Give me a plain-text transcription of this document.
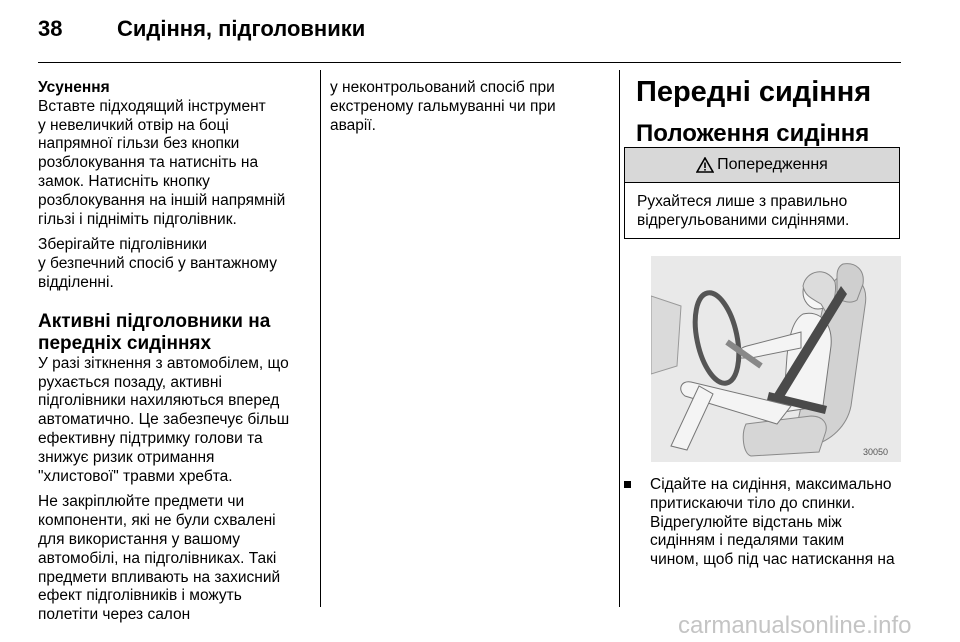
38 Сидіння, підголовники

Усунення
Вставте підходящий інструмент
у невеличкий отвір на боці
напрямної гільзи без кнопки
розблокування та натисніть на
замок. Натисніть кнопку
розблокування на іншій напрямній
гільзі і підніміть підголівник.

Зберігайте підголівники
у безпечний спосіб у вантажному
відділенні.

Активні підголовники на
передніх сидіннях

У разі зіткнення з автомобілем, що
рухається позаду, активні
підголівники нахиляються вперед
автоматично. Це забезпечує більш
ефективну підтримку голови та
знижує ризик отримання
"хлистової" травми хребта.

Не закріплюйте предмети чи
компоненти, які не були схвалені
для використання у вашому
автомобілі, на підголівниках. Такі
предмети впливають на захисний
ефект підголівників і можуть
полетіти через салон

у неконтрольований спосіб при
екстреному гальмуванні чи при
аварії.

Передні сидіння
Положення сидіння
Попередження
Рухайтеся лише з правильно
відрегульованими сидіннями.
30050
Сідайте на сидіння, максимально
притискаючи тіло до спинки.
Відрегулюйте відстань між
сидінням і педалями таким
чином, щоб під час натискання на
carmanualsonline.info
